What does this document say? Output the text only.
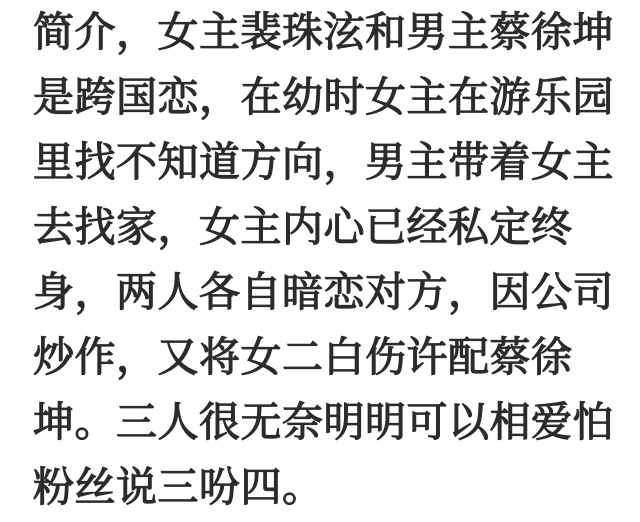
简介，女主裴珠泫和男主蔡徐坤
是跨国恋，在幼时女主在游乐园
里找不知道方向，男主带着女主
去找家，女主内心已经私定终
身，两人各自暗恋对方，因公司
炒作，又将女二白伤许配蔡徐
坤。三人很无奈明明可以相爱怕
粉丝说三吩四。
